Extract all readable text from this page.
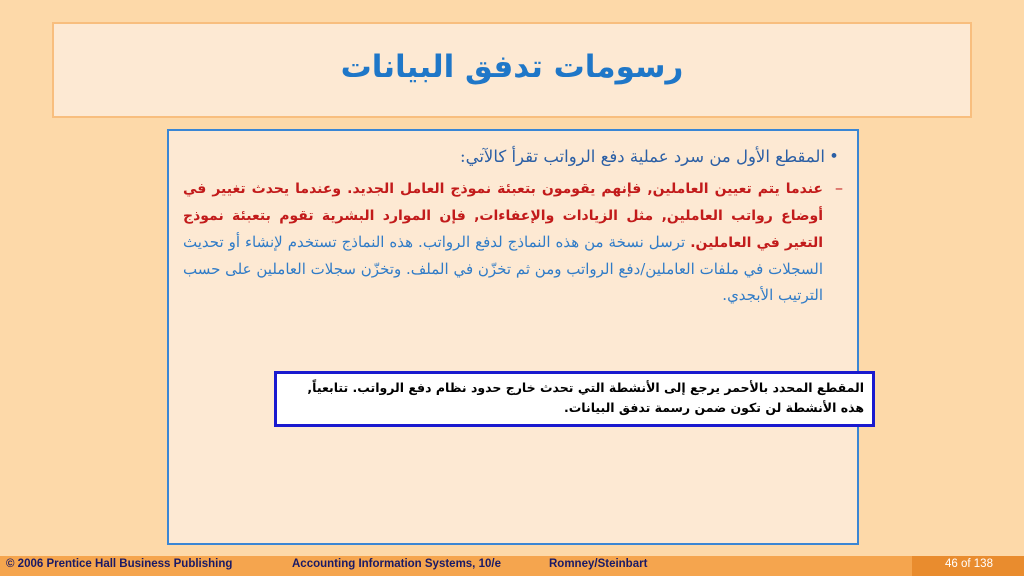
رسومات تدفق البيانات
•المقطع الأول من سرد عملية دفع الرواتب تقرأ كالآتي:
–
عندما يتم تعيين العاملين, فإنهم يقومون بتعبئة نموذج العامل الجديد. وعندما يحدث تغيير في أوضاع رواتب العاملين, مثل الزيادات والإعفاءات, فإن الموارد البشرية تقوم بتعبئة نموذج التغير في العاملين. ترسل نسخة من هذه النماذج لدفع الرواتب. هذه النماذج تستخدم لإنشاء أو تحديث السجلات في ملفات العاملين/دفع الرواتب ومن ثم تخزّن في الملف. وتخزّن سجلات العاملين على حسب الترتيب الأبجدي.
المقطع المحدد بالأحمر يرجع إلى الأنشطة التي تحدث خارج حدود نظام دفع الرواتب. تتابعياً, هذه الأنشطة لن تكون ضمن رسمة تدفق البيانات.
© 2006 Prentice Hall Business Publishing	Accounting Information Systems, 10/e	Romney/Steinbart	46 of 138
